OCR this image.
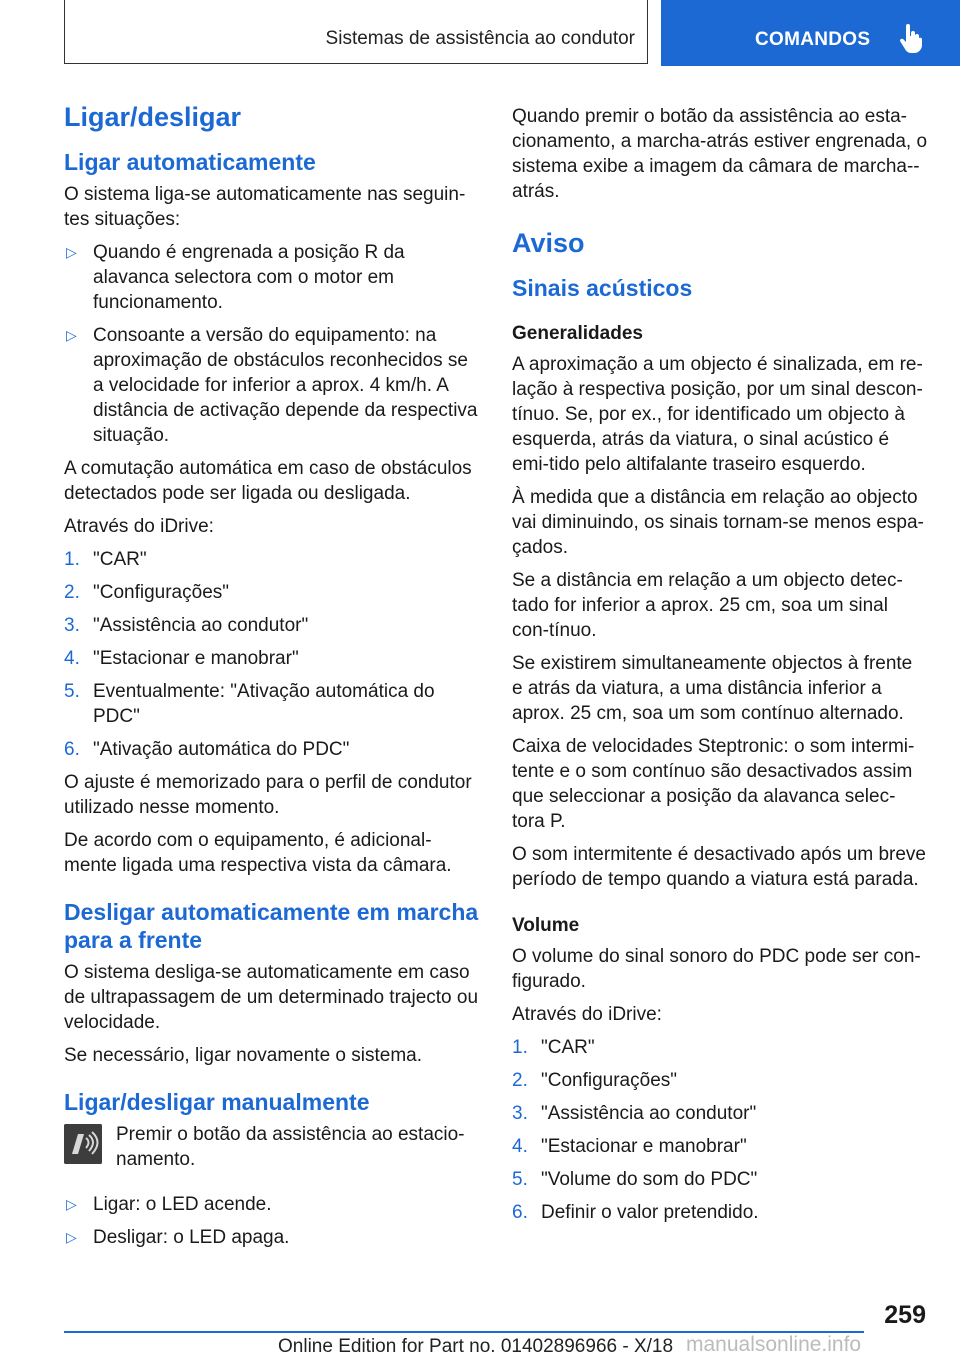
Sistemas de assistência ao condutor	COMANDOS
Ligar/desligar
Ligar automaticamente

O sistema liga-se automaticamente nas seguin-tes situações:

▷ Quando é engrenada a posição R da alavanca selectora com o motor em funcionamento.
▷ Consoante a versão do equipamento: na aproximação de obstáculos reconhecidos se a velocidade for inferior a aprox. 4 km/h. A distância de activação depende da respectiva situação.

A comutação automática em caso de obstáculos detectados pode ser ligada ou desligada.

Através do iDrive:

1. "CAR"
2. "Configurações"
3. "Assistência ao condutor"
4. "Estacionar e manobrar"
5. Eventualmente: "Ativação automática do PDC"
6. "Ativação automática do PDC"

O ajuste é memorizado para o perfil de condutor utilizado nesse momento.

De acordo com o equipamento, é adicional-mente ligada uma respectiva vista da câmara.

Desligar automaticamente em marcha para a frente

O sistema desliga-se automaticamente em caso de ultrapassagem de um determinado trajecto ou velocidade.

Se necessário, ligar novamente o sistema.

Ligar/desligar manualmente

Premir o botão da assistência ao estacio-namento.

▷ Ligar: o LED acende.
▷ Desligar: o LED apaga.

Quando premir o botão da assistência ao esta-cionamento, a marcha-atrás estiver engrenada, o sistema exibe a imagem da câmara de marcha--atrás.

Aviso
Sinais acústicos
Generalidades

A aproximação a um objecto é sinalizada, em re-lação à respectiva posição, por um sinal descon-tínuo. Se, por ex., for identificado um objecto à esquerda, atrás da viatura, o sinal acústico é emi-tido pelo altifalante traseiro esquerdo.

À medida que a distância em relação ao objecto vai diminuindo, os sinais tornam-se menos espa-çados.

Se a distância em relação a um objecto detec-tado for inferior a aprox. 25 cm, soa um sinal con-tínuo.

Se existirem simultaneamente objectos à frente e atrás da viatura, a uma distância inferior a aprox. 25 cm, soa um som contínuo alternado.

Caixa de velocidades Steptronic: o som intermi-tente e o som contínuo são desactivados assim que seleccionar a posição da alavanca selec-tora P.

O som intermitente é desactivado após um breve período de tempo quando a viatura está parada.

Volume

O volume do sinal sonoro do PDC pode ser con-figurado.

Através do iDrive:

1. "CAR"
2. "Configurações"
3. "Assistência ao condutor"
4. "Estacionar e manobrar"
5. "Volume do som do PDC"
6. Definir o valor pretendido.
259
Online Edition for Part no. 01402896966 - X/18 manualsonline.info
